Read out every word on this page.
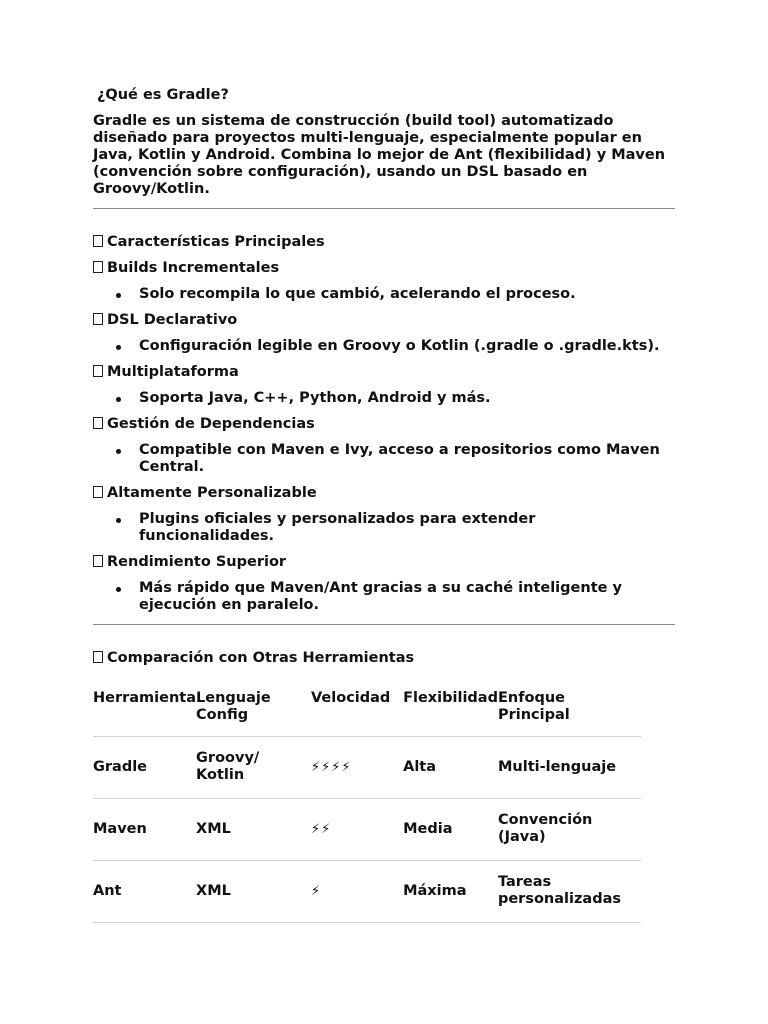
¿Qué es Gradle?

Gradle es un sistema de construcción (build tool) automatizado diseñado para proyectos multi-lenguaje, especialmente popular en Java, Kotlin y Android. Combina lo mejor de Ant (flexibilidad) y Maven (convención sobre configuración), usando un DSL basado en Groovy/Kotlin.

Características Principales
Builds Incrementales
Solo recompila lo que cambió, acelerando el proceso.
DSL Declarativo
Configuración legible en Groovy o Kotlin (.gradle o .gradle.kts).
Multiplataforma
Soporta Java, C++, Python, Android y más.
Gestión de Dependencias
Compatible con Maven e Ivy, acceso a repositorios como Maven Central.
Altamente Personalizable
Plugins oficiales y personalizados para extender funcionalidades.
Rendimiento Superior
Más rápido que Maven/Ant gracias a su caché inteligente y ejecución en paralelo.
Comparación con Otras Herramientas
Herramienta	Lenguaje Config	Velocidad	Flexibilidad	Enfoque Principal
Gradle	Groovy/ Kotlin	⚡⚡⚡⚡	Alta	Multi-lenguaje
Maven	XML	⚡⚡	Media	Convención (Java)
Ant	XML	⚡	Máxima	Tareas personalizadas
